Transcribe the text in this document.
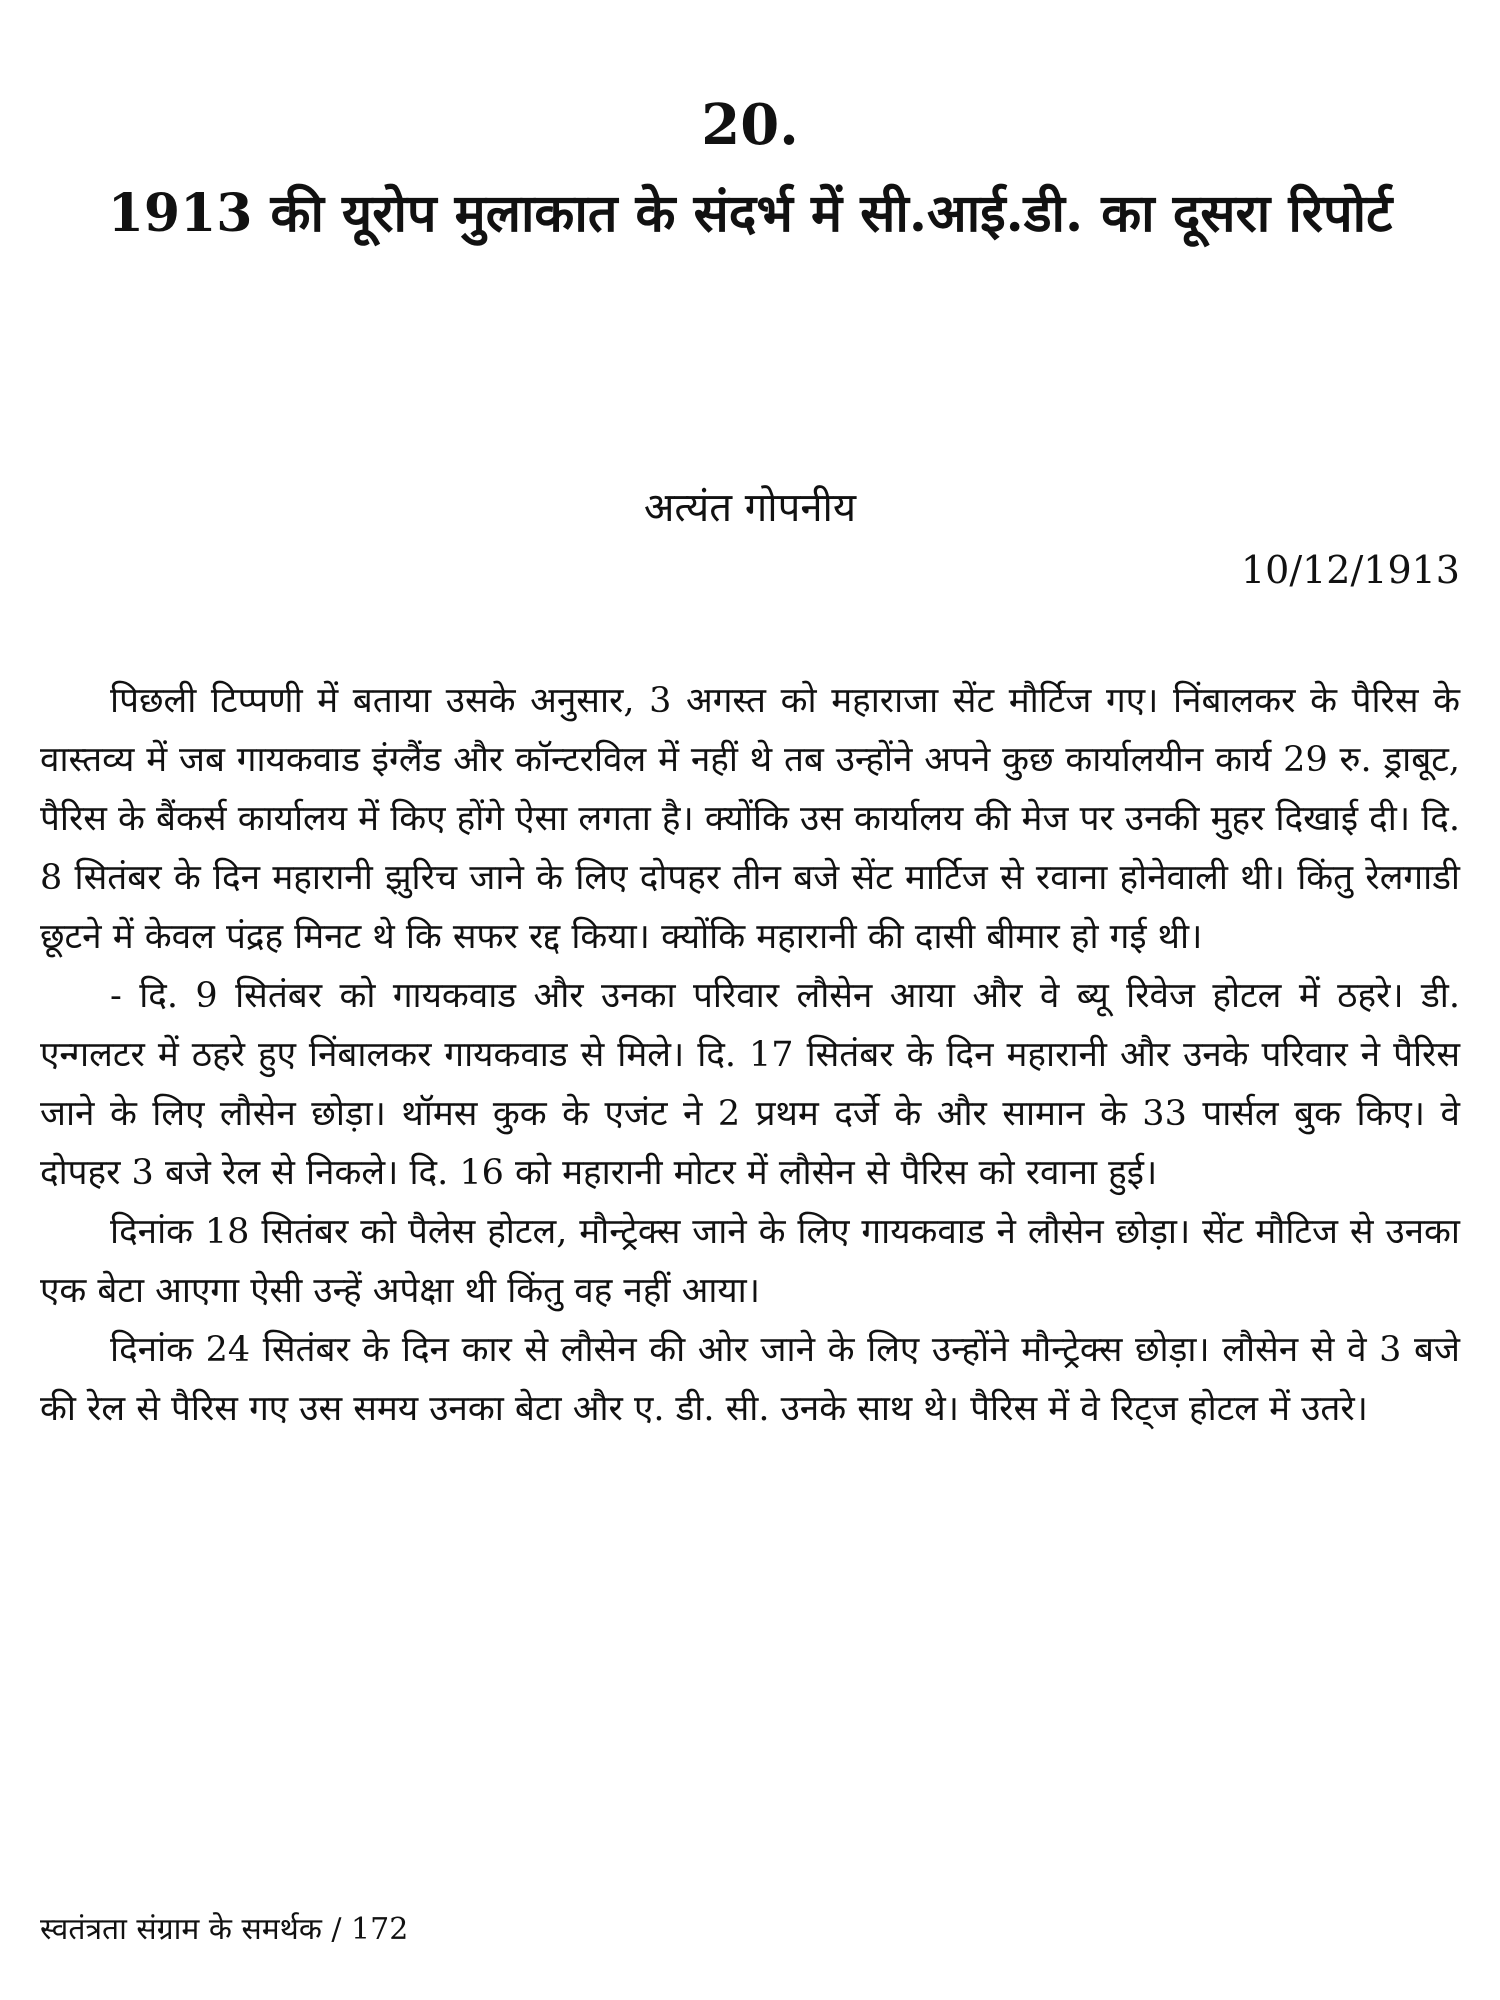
20.
1913 की यूरोप मुलाकात के संदर्भ में सी.आई.डी. का दूसरा रिपोर्ट
अत्यंत गोपनीय
10/12/1913

पिछली टिप्पणी में बताया उसके अनुसार, 3 अगस्त को महाराजा सेंट मौर्टिज गए। निंबालकर के पैरिस के वास्तव्य में जब गायकवाड इंग्लैंड और कॉन्टरविल में नहीं थे तब उन्होंने अपने कुछ कार्यालयीन कार्य 29 रु. ड्राबूट, पैरिस के बैंकर्स कार्यालय में किए होंगे ऐसा लगता है। क्योंकि उस कार्यालय की मेज पर उनकी मुहर दिखाई दी। दि. 8 सितंबर के दिन महारानी झुरिच जाने के लिए दोपहर तीन बजे सेंट मार्टिज से रवाना होनेवाली थी। किंतु रेलगाडी छूटने में केवल पंद्रह मिनट थे कि सफर रद्द किया। क्योंकि महारानी की दासी बीमार हो गई थी।

- दि. 9 सितंबर को गायकवाड और उनका परिवार लौसेन आया और वे ब्यू रिवेज होटल में ठहरे। डी. एन्गलटर में ठहरे हुए निंबालकर गायकवाड से मिले। दि. 17 सितंबर के दिन महारानी और उनके परिवार ने पैरिस जाने के लिए लौसेन छोड़ा। थॉमस कुक के एजंट ने 2 प्रथम दर्जे के और सामान के 33 पार्सल बुक किए। वे दोपहर 3 बजे रेल से निकले। दि. 16 को महारानी मोटर में लौसेन से पैरिस को रवाना हुई।

दिनांक 18 सितंबर को पैलेस होटल, मौन्ट्रेक्स जाने के लिए गायकवाड ने लौसेन छोड़ा। सेंट मौटिज से उनका एक बेटा आएगा ऐसी उन्हें अपेक्षा थी किंतु वह नहीं आया।

दिनांक 24 सितंबर के दिन कार से लौसेन की ओर जाने के लिए उन्होंने मौन्ट्रेक्स छोड़ा। लौसेन से वे 3 बजे की रेल से पैरिस गए उस समय उनका बेटा और ए. डी. सी. उनके साथ थे। पैरिस में वे रिट्ज होटल में उतरे।

स्वतंत्रता संग्राम के समर्थक / 172
